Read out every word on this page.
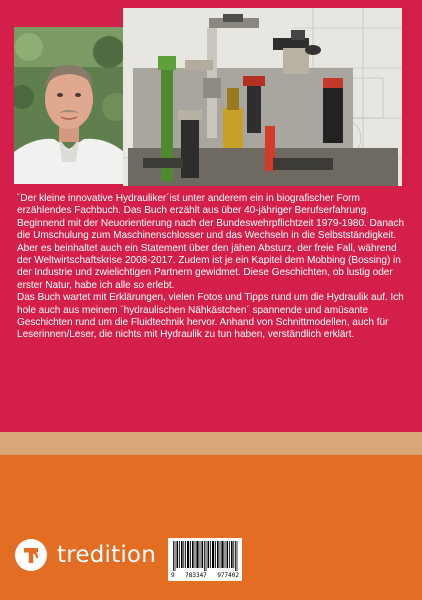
´Der kleine innovative Hydrauliker´ist unter anderem ein in biografischer Form erzählendes Fachbuch. Das Buch erzählt aus über 40-jähriger Berufserfahrung. Beginnend mit der Neuorientierung nach der Bundeswehrpflichtzeit 1979-1980. Danach die Umschulung zum Maschinenschlosser und das Wechseln in die Selbstständigkeit.

Aber es beinhaltet auch ein Statement über den jähen Absturz, der freie Fall, während der Weltwirtschaftskrise 2008-2017. Zudem ist je ein Kapitel dem Mobbing (Bossing) in der Industrie und zwielichtigen Partnern gewidmet. Diese Geschichten, ob lustig oder erster Natur, habe ich alle so erlebt.

Das Buch wartet mit Erklärungen, vielen Fotos und Tipps rund um die Hydraulik auf. Ich hole auch aus meinem ´hydraulischen Nähkästchen´ spannende und amüsante Geschichten rund um die Fluidtechnik hervor. Anhand von Schnittmodellen, auch für Leserinnen/Leser, die nichts mit Hydraulik zu tun haben, verständlich erklärt.

tredition
9 783347 977402
